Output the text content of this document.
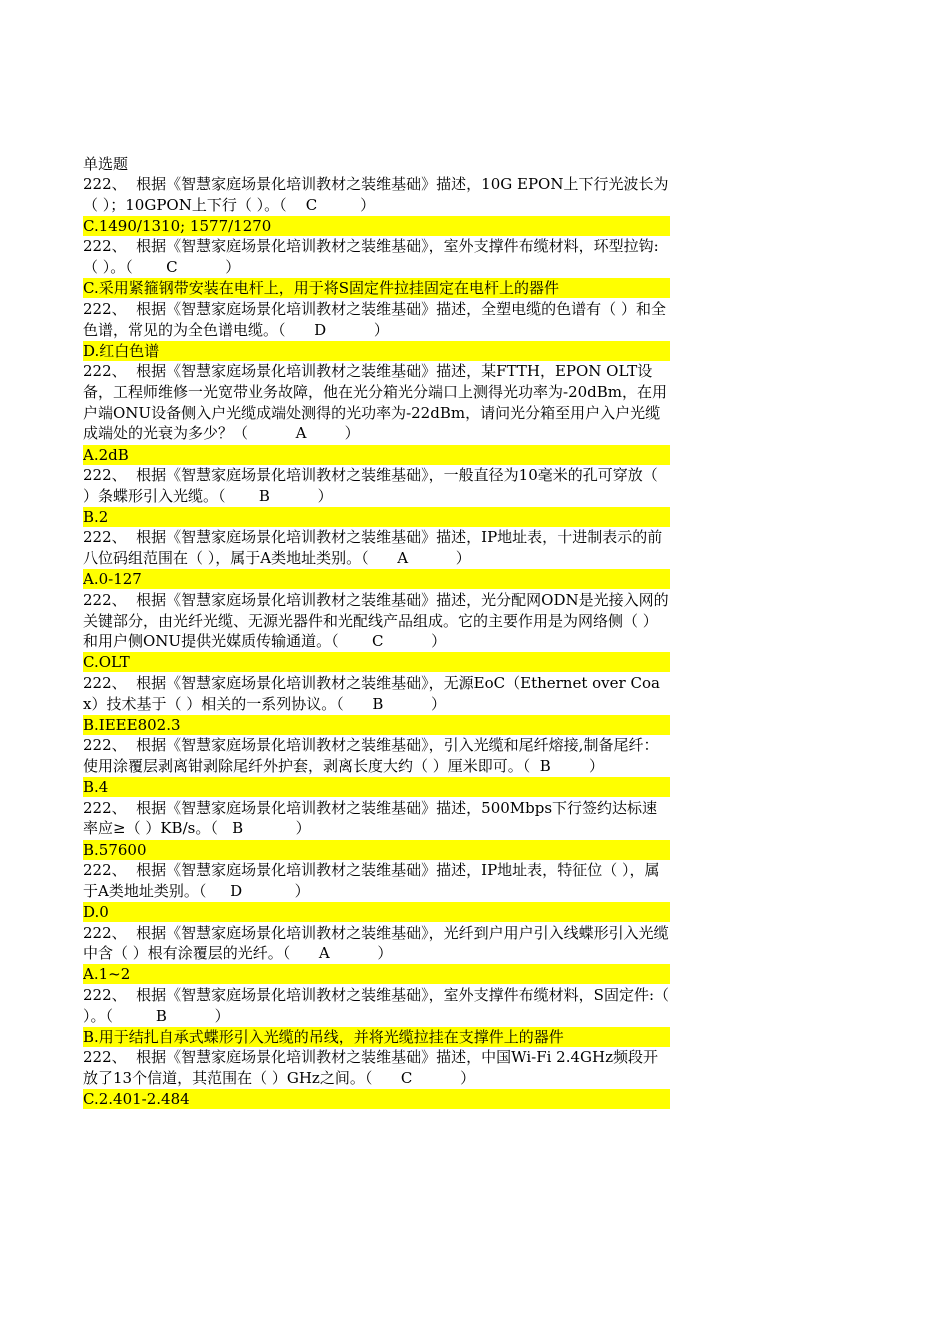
单选题
222、  根据《智慧家庭场景化培训教材之装维基础》描述，10G EPON上下行光波长为（ ）；10GPON上下行（ ）。（    C         ）
C.1490/1310; 1577/1270
222、  根据《智慧家庭场景化培训教材之装维基础》，室外支撑件布缆材料，环型拉钩:（ ）。（       C          ）
C.采用紧箍钢带安装在电杆上，用于将S固定件拉挂固定在电杆上的器件
222、  根据《智慧家庭场景化培训教材之装维基础》描述，全塑电缆的色谱有（ ）和全色谱，常见的为全色谱电缆。（      D          ）
D.红白色谱
222、  根据《智慧家庭场景化培训教材之装维基础》描述，某FTTH，EPON OLT设备，工程师维修一光宽带业务故障，他在光分箱光分端口上测得光功率为-20dBm，在用户端ONU设备侧入户光缆成端处测得的光功率为-22dBm，请问光分箱至用户入户光缆成端处的光衰为多少？（          A        ）
A.2dB
222、  根据《智慧家庭场景化培训教材之装维基础》，一般直径为10毫米的孔可穿放（ ）条蝶形引入光缆。（       B          ）
B.2
222、  根据《智慧家庭场景化培训教材之装维基础》描述，IP地址表，十进制表示的前八位码组范围在（ ），属于A类地址类别。（      A          ）
A.0-127
222、  根据《智慧家庭场景化培训教材之装维基础》描述，光分配网ODN是光接入网的关键部分，由光纤光缆、无源光器件和光配线产品组成。它的主要作用是为网络侧（ ）和用户侧ONU提供光媒质传输通道。（       C          ）
C.OLT
222、  根据《智慧家庭场景化培训教材之装维基础》，无源EoC（Ethernet over Coax）技术基于（ ）相关的一系列协议。（      B          ）
B.IEEE802.3
222、  根据《智慧家庭场景化培训教材之装维基础》，引入光缆和尾纤熔接,制备尾纤：使用涂覆层剥离钳剥除尾纤外护套，剥离长度大约（ ）厘米即可。（  B        ）
B.4
222、  根据《智慧家庭场景化培训教材之装维基础》描述，500Mbps下行签约达标速率应≥（ ）KB/s。（   B           ）
B.57600
222、  根据《智慧家庭场景化培训教材之装维基础》描述，IP地址表，特征位（ ），属于A类地址类别。（     D           ）
D.0
222、  根据《智慧家庭场景化培训教材之装维基础》，光纤到户用户引入线蝶形引入光缆中含（ ）根有涂覆层的光纤。（      A          ）
A.1~2
222、  根据《智慧家庭场景化培训教材之装维基础》，室外支撑件布缆材料，S固定件:（ ）。（         B          ）
B.用于结扎自承式蝶形引入光缆的吊线，并将光缆拉挂在支撑件上的器件
222、  根据《智慧家庭场景化培训教材之装维基础》描述，中国Wi-Fi 2.4GHz频段开放了13个信道，其范围在（ ）GHz之间。（      C          ）
C.2.401-2.484
